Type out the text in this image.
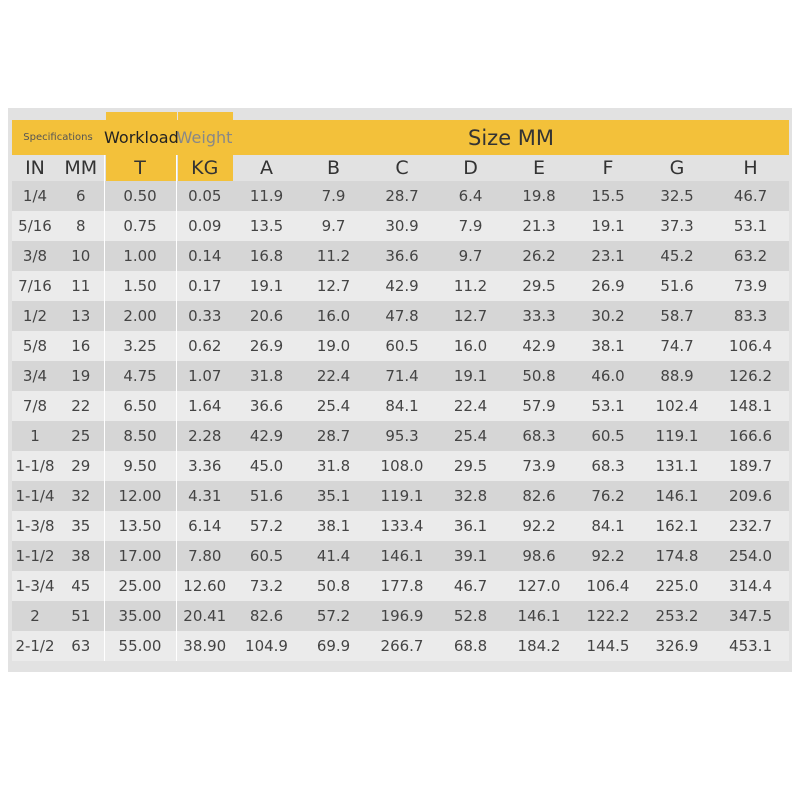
Specifications		Workload	Weight	Size MM							
IN	MM	T	KG	A	B	C	D	E	F	G	H
1/4	6	0.50	0.05	11.9	7.9	28.7	6.4	19.8	15.5	32.5	46.7
5/16	8	0.75	0.09	13.5	9.7	30.9	7.9	21.3	19.1	37.3	53.1
3/8	10	1.00	0.14	16.8	11.2	36.6	9.7	26.2	23.1	45.2	63.2
7/16	11	1.50	0.17	19.1	12.7	42.9	11.2	29.5	26.9	51.6	73.9
1/2	13	2.00	0.33	20.6	16.0	47.8	12.7	33.3	30.2	58.7	83.3
5/8	16	3.25	0.62	26.9	19.0	60.5	16.0	42.9	38.1	74.7	106.4
3/4	19	4.75	1.07	31.8	22.4	71.4	19.1	50.8	46.0	88.9	126.2
7/8	22	6.50	1.64	36.6	25.4	84.1	22.4	57.9	53.1	102.4	148.1
1	25	8.50	2.28	42.9	28.7	95.3	25.4	68.3	60.5	119.1	166.6
1-1/8	29	9.50	3.36	45.0	31.8	108.0	29.5	73.9	68.3	131.1	189.7
1-1/4	32	12.00	4.31	51.6	35.1	119.1	32.8	82.6	76.2	146.1	209.6
1-3/8	35	13.50	6.14	57.2	38.1	133.4	36.1	92.2	84.1	162.1	232.7
1-1/2	38	17.00	7.80	60.5	41.4	146.1	39.1	98.6	92.2	174.8	254.0
1-3/4	45	25.00	12.60	73.2	50.8	177.8	46.7	127.0	106.4	225.0	314.4
2	51	35.00	20.41	82.6	57.2	196.9	52.8	146.1	122.2	253.2	347.5
2-1/2	63	55.00	38.90	104.9	69.9	266.7	68.8	184.2	144.5	326.9	453.1
